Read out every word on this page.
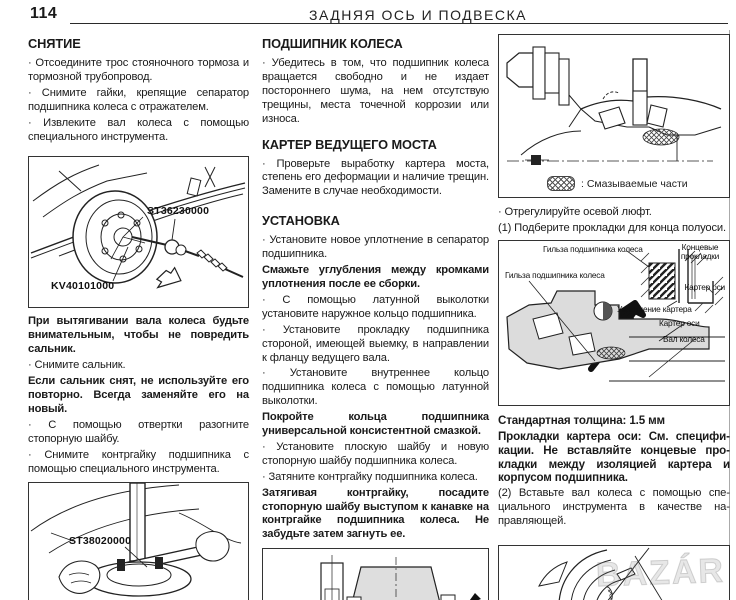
114	ЗАДНЯЯ ОСЬ И ПОДВЕСКА
СНЯТИЕ

· Отсоедините трос стояночного тормоза и тормозной трубопровод.

· Снимите гайки, крепящие сепаратор подшипника колеса с отражателем.

· Извлеките вал колеса с помощью специального инструмента.

ST36230000
KV40101000

При вытягивании вала колеса будьте внимательным, чтобы не повредить сальник.

· Снимите сальник.

Если сальник снят, не используйте его повторно. Всегда заменяйте его на новый.

· С помощью отвертки разогните стопорную шайбу.

· Снимите контргайку подшипника с помощью специального инструмента.

ST38020000
ПОДШИПНИК КОЛЕСА

· Убедитесь в том, что подшипник колеса вращается свободно и не издает постороннего шума, на нем отсутствую трещины, места точечной коррозии или износа.

КАРТЕР ВЕДУЩЕГО МОСТА

· Проверьте выработку картера моста, степень его деформации и наличие трещин. Замените в случае необходимости.

УСТАНОВКА

· Установите новое уплотнение в сепаратор подшипника.

Смажьте углубления между кромками уплотнения после ее сборки.

· С помощью латунной выколотки установите наружное кольцо подшипника.

· Установите прокладку подшипника стороной, имеющей выемку, в направлении к фланцу ведущего вала.

· Установите внутреннее кольцо подшипника колеса с помощью латунной выколотки.

Покройте кольца подшипника универсальной консистентной смазкой.

· Установите плоскую шайбу и новую стопорную шайбу подшипника колеса.

· Затяните контргайку подшипника колеса.

Затягивая контргайку, посадите стопорную шайбу выступом к канавке на контргайке подшипника колеса. Не забудьте затем загнуть ее.

: Смазываемые части

· Отрегулируйте осевой люфт.

(1) Подберите прокладки для конца полуоси.

Гильза подшипника колеса	Концевые прокладки
Гильза подшипника колеса
Картер оси
Уплотнение картера
Картер оси
Вал колеса

Стандартная толщина: 1.5 мм

Прокладки картера оси: См. спецификации. Не вставляйте концевые прокладки между изоляцией картера и корпусом подшипника.

(2) Вставьте вал колеса с помощью специального инструмента в качестве направляющей.

BAZÁR
